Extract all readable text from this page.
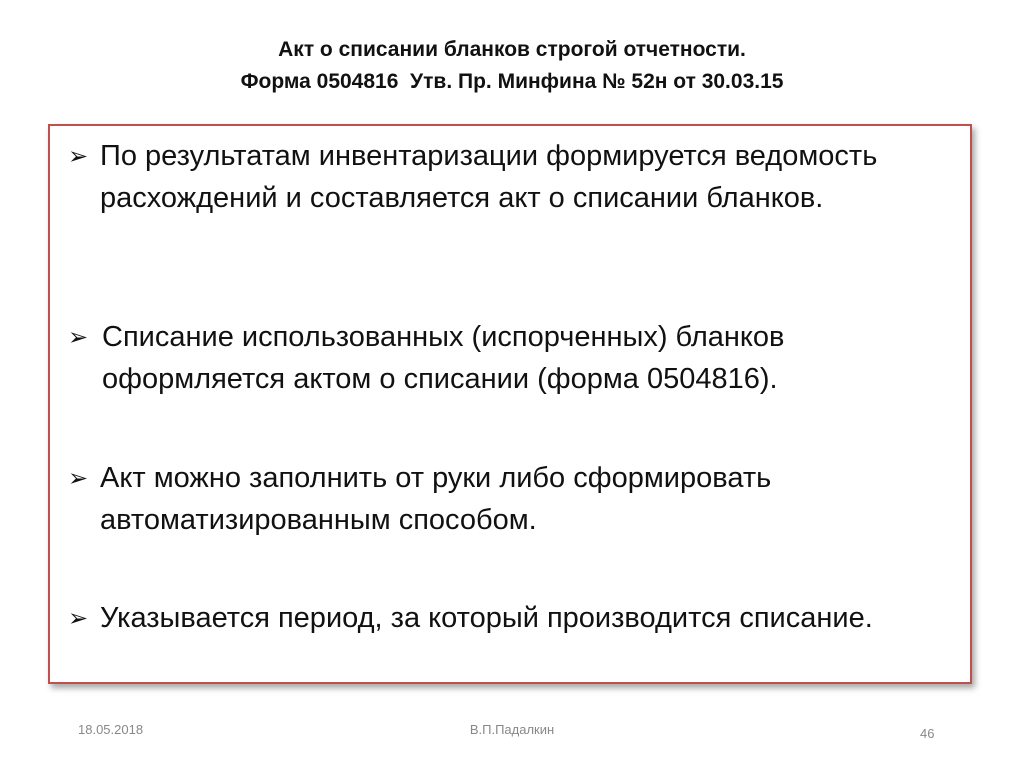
Акт о списании бланков строгой отчетности.
Форма 0504816  Утв. Пр. Минфина № 52н от 30.03.15
➢ По результатам инвентаризации формируется ведомость расхождений и составляется акт о списании бланков.
➢ Списание использованных (испорченных) бланков оформляется актом о списании (форма 0504816).
➢ Акт можно заполнить от руки либо сформировать автоматизированным способом.
➢ Указывается период, за который производится списание.
18.05.2018	В.П.Падалкин	46
